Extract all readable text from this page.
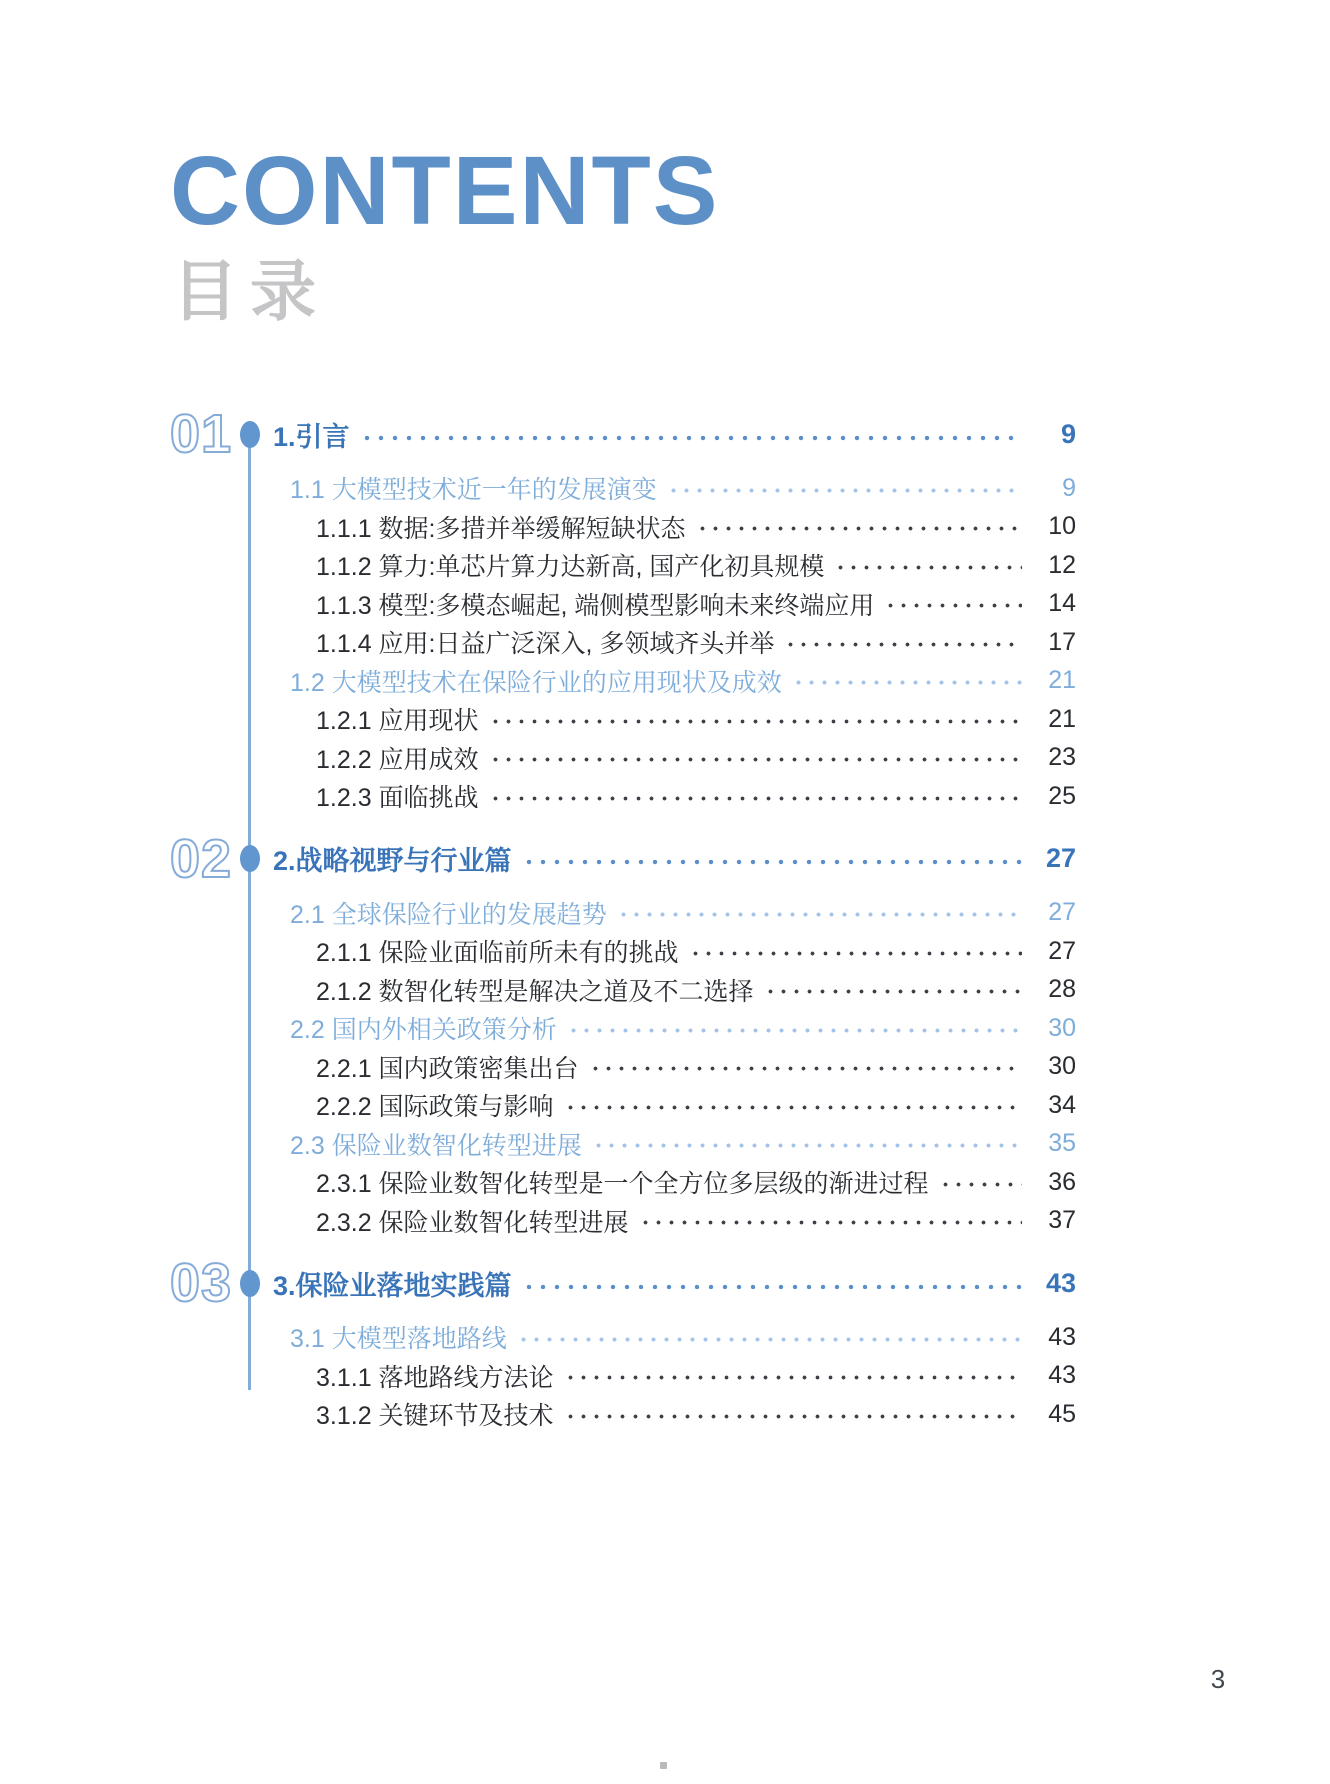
CONTENTS
目录
01 1.引言	9
1.1 大模型技术近一年的发展演变	9
1.1.1 数据:多措并举缓解短缺状态	10
1.1.2 算力:单芯片算力达新高, 国产化初具规模	12
1.1.3 模型:多模态崛起, 端侧模型影响未来终端应用	14
1.1.4 应用:日益广泛深入, 多领域齐头并举	17
1.2 大模型技术在保险行业的应用现状及成效	21
1.2.1 应用现状	21
1.2.2 应用成效	23
1.2.3 面临挑战	25
02 2.战略视野与行业篇	27
2.1 全球保险行业的发展趋势	27
2.1.1 保险业面临前所未有的挑战	27
2.1.2 数智化转型是解决之道及不二选择	28
2.2 国内外相关政策分析	30
2.2.1 国内政策密集出台	30
2.2.2 国际政策与影响	34
2.3 保险业数智化转型进展	35
2.3.1 保险业数智化转型是一个全方位多层级的渐进过程	36
2.3.2 保险业数智化转型进展	37
03 3.保险业落地实践篇	43
3.1 大模型落地路线	43
3.1.1 落地路线方法论	43
3.1.2 关键环节及技术	45
3
